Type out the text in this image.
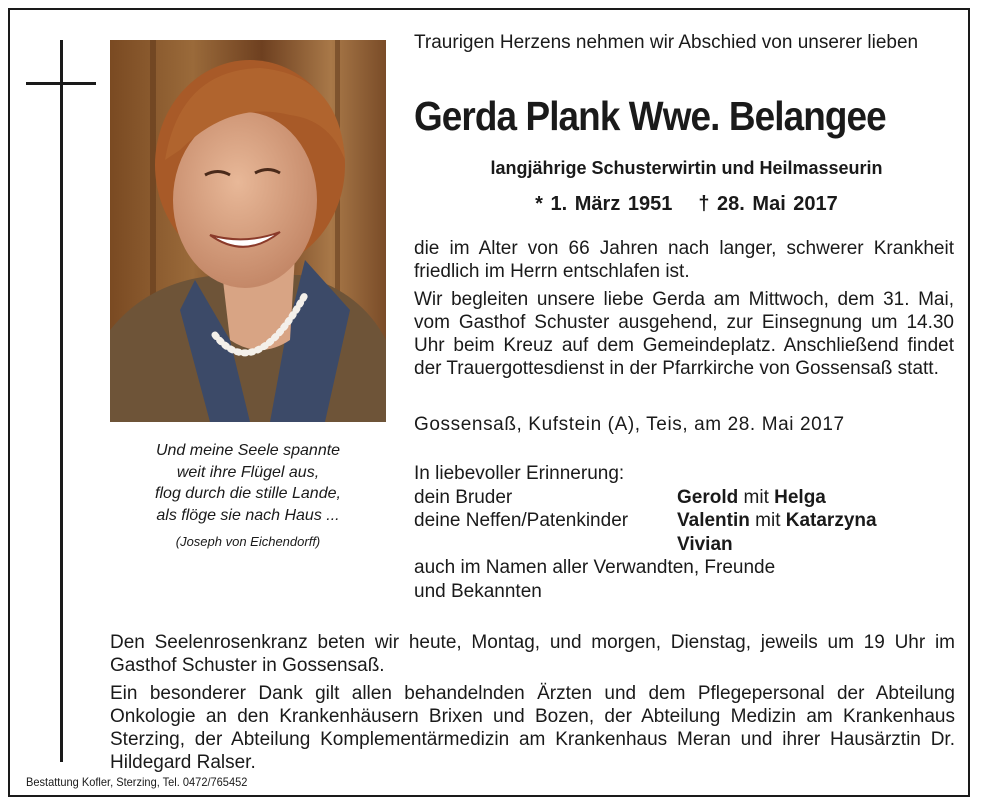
Und meine Seele spannte
weit ihre Flügel aus,
flog durch die stille Lande,
als flöge sie nach Haus ...
(Joseph von Eichendorff)
Traurigen Herzens nehmen wir Abschied von unserer lieben
Gerda Plank Wwe. Belangee
langjährige Schusterwirtin und Heilmasseurin
* 1. März 1951 † 28. Mai 2017

die im Alter von 66 Jahren nach langer, schwerer Krankheit friedlich im Herrn entschlafen ist.

Wir begleiten unsere liebe Gerda am Mittwoch, dem 31. Mai, vom Gasthof Schuster ausgehend, zur Einsegnung um 14.30 Uhr beim Kreuz auf dem Gemeindeplatz. Anschließend findet der Trauergottesdienst in der Pfarrkirche von Gossensaß statt.

Gossensaß, Kufstein (A), Teis, am 28. Mai 2017
In liebevoller Erinnerung:
dein Bruder	Gerold mit Helga
deine Neffen/Patenkinder	Valentin mit Katarzyna
Vivian
auch im Namen aller Verwandten, Freunde
und Bekannten

Den Seelenrosenkranz beten wir heute, Montag, und morgen, Dienstag, jeweils um 19 Uhr im Gasthof Schuster in Gossensaß.

Ein besonderer Dank gilt allen behandelnden Ärzten und dem Pflegepersonal der Abteilung Onkologie an den Krankenhäusern Brixen und Bozen, der Abteilung Medizin am Krankenhaus Sterzing, der Abteilung Komplementärmedizin am Krankenhaus Meran und ihrer Hausärztin Dr. Hildegard Ralser.

Bestattung Kofler, Sterzing, Tel. 0472/765452
